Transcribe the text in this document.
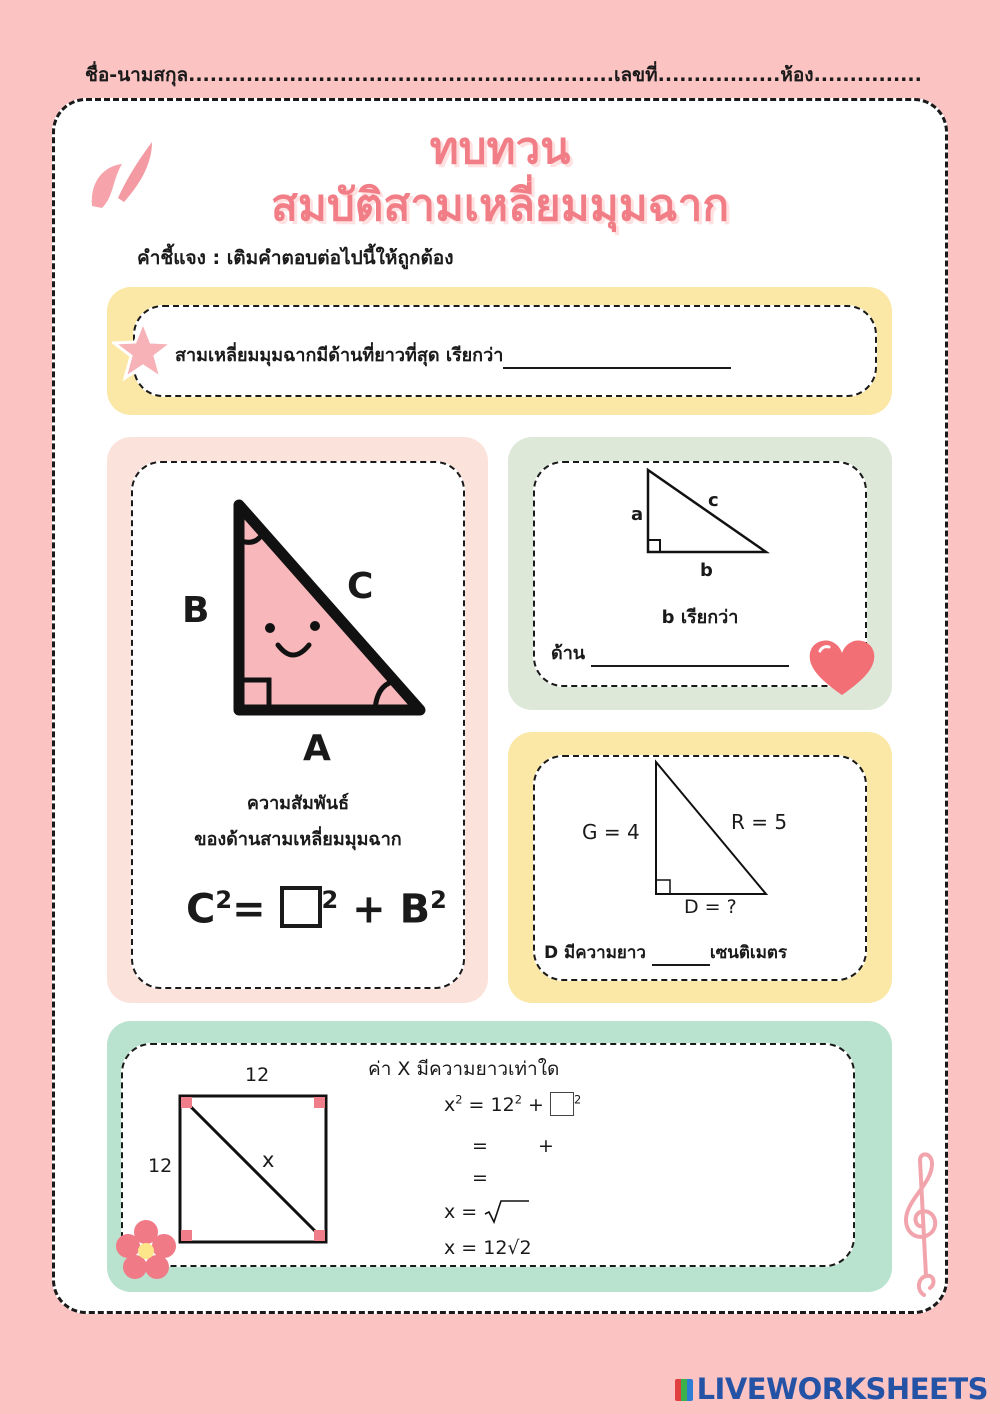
ชื่อ-นามสกุล...........................................................เลขที่.................ห้อง...............
ทบทวน
สมบัติสามเหลี่ยมมุมฉาก
คำชี้แจง : เติมคำตอบต่อไปนี้ให้ถูกต้อง
สามเหลี่ยมมุมฉากมีด้านที่ยาวที่สุด เรียกว่า
B
C
A
ความสัมพันธ์
ของด้านสามเหลี่ยมมุมฉาก
$C^2= ^2 + B^2$
a
c
b
b เรียกว่า
ด้าน
G = 4	R = 5
D = ?
D มีความยาว	เซนติเมตร
12
12	x
ค่า X มีความยาวเท่าใด
$x^2 = 12^2$ +	$^2$
=	+
=
x =
x = 12√2
LIVEWORKSHEETS
